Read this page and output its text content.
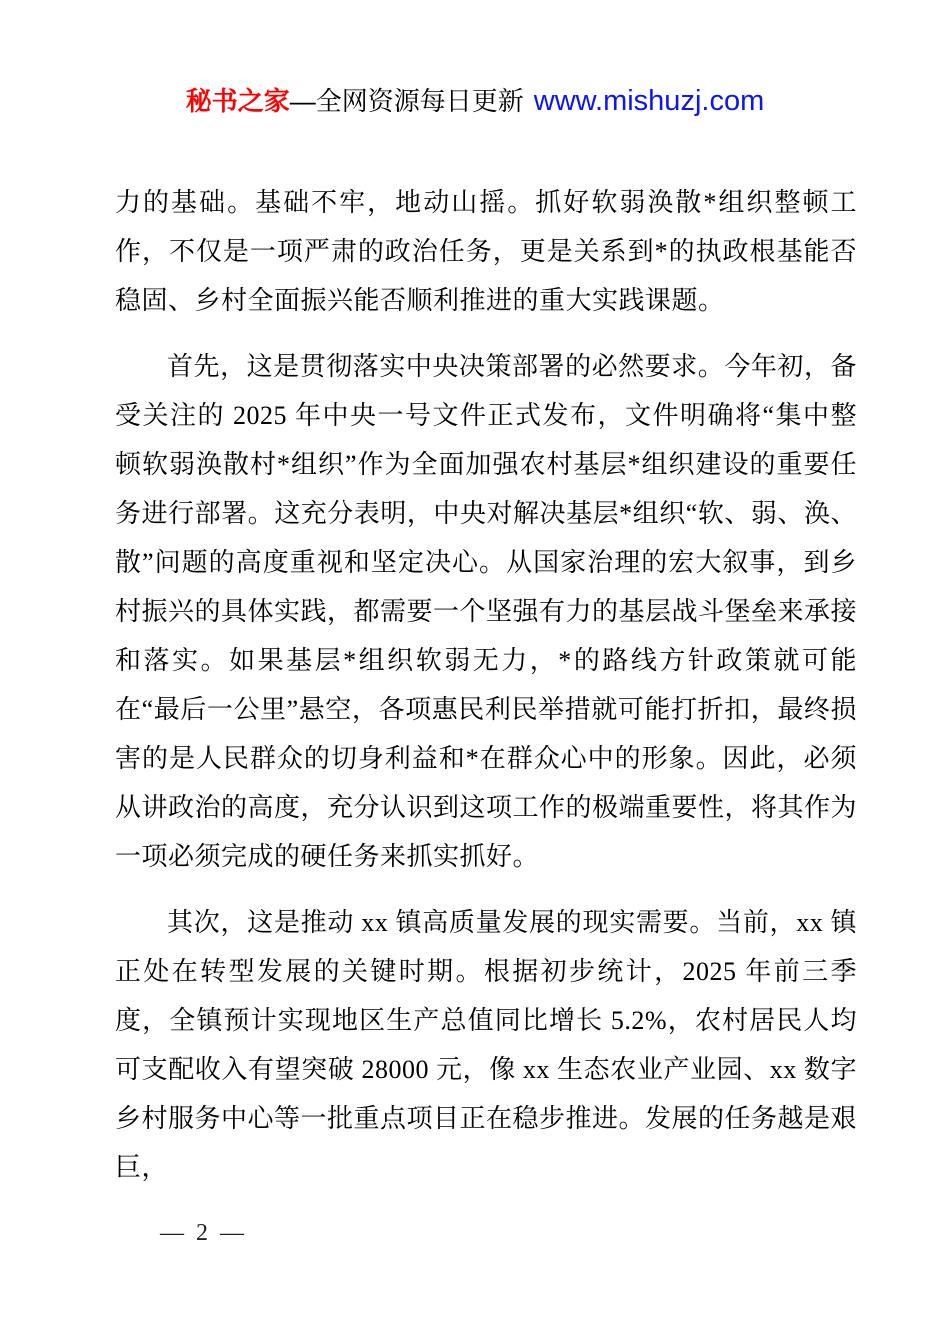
秘书之家—全网资源每日更新 www.mishuzj.com

力的基础。基础不牢，地动山摇。抓好软弱涣散*组织整顿工作，不仅是一项严肃的政治任务，更是关系到*的执政根基能否稳固、乡村全面振兴能否顺利推进的重大实践课题。

首先，这是贯彻落实中央决策部署的必然要求。今年初，备受关注的 2025 年中央一号文件正式发布，文件明确将“集中整顿软弱涣散村*组织”作为全面加强农村基层*组织建设的重要任务进行部署。这充分表明，中央对解决基层*组织“软、弱、涣、散”问题的高度重视和坚定决心。从国家治理的宏大叙事，到乡村振兴的具体实践，都需要一个坚强有力的基层战斗堡垒来承接和落实。如果基层*组织软弱无力，*的路线方针政策就可能在“最后一公里”悬空，各项惠民利民举措就可能打折扣，最终损害的是人民群众的切身利益和*在群众心中的形象。因此，必须从讲政治的高度，充分认识到这项工作的极端重要性，将其作为一项必须完成的硬任务来抓实抓好。

其次，这是推动 xx 镇高质量发展的现实需要。当前，xx 镇正处在转型发展的关键时期。根据初步统计，2025 年前三季度，全镇预计实现地区生产总值同比增长 5.2%，农村居民人均可支配收入有望突破 28000 元，像 xx 生态农业产业园、xx 数字乡村服务中心等一批重点项目正在稳步推进。发展的任务越是艰巨，

— 2 —
